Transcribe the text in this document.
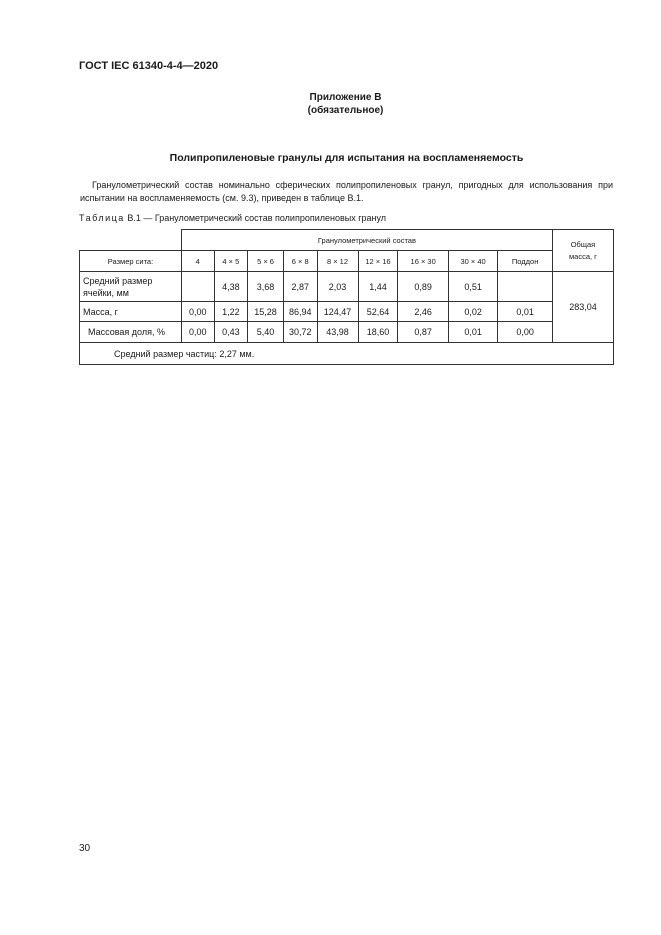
ГОСТ IEC 61340-4-4—2020
Приложение В
(обязательное)
Полипропиленовые гранулы для испытания на воспламеняемость
Гранулометрический состав номинально сферических полипропиленовых гранул, пригодных для использования при испытании на воспламеняемость (см. 9.3), приведен в таблице В.1.
Таблица В.1 — Гранулометрический состав полипропиленовых гранул
	Гранулометрический состав									Общая масса, г
Размер сита:	4	4 × 5	5 × 6	6 × 8	8 × 12	12 × 16	16 × 30	30 × 40	Поддон	
Средний размер ячейки, мм		4,38	3,68	2,87	2,03	1,44	0,89	0,51		283,04
Масса, г	0,00	1,22	15,28	86,94	124,47	52,64	2,46	0,02	0,01	
Массовая доля, %	0,00	0,43	5,40	30,72	43,98	18,60	0,87	0,01	0,00	
Средний размер частиц: 2,27 мм.										
30
